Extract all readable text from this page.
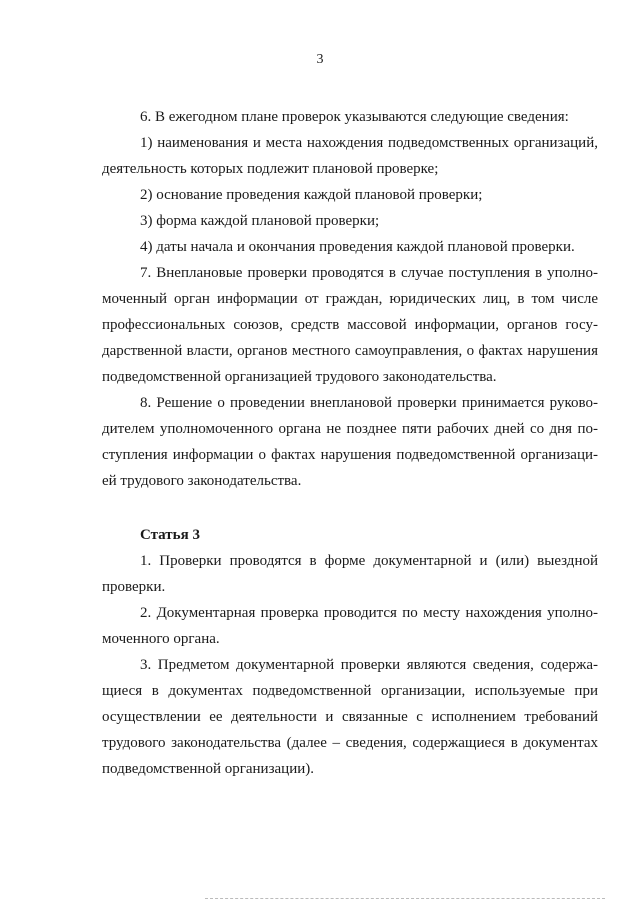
3
6. В ежегодном плане проверок указываются следующие сведения:
1) наименования и места нахождения подведомственных организаций,
деятельность которых подлежит плановой проверке;
2) основание проведения каждой плановой проверки;
3) форма каждой плановой проверки;
4) даты начала и окончания проведения каждой плановой проверки.
7. Внеплановые проверки проводятся в случае поступления в уполно-
моченный орган информации от граждан, юридических лиц, в том числе
профессиональных союзов, средств массовой информации, органов госу-
дарственной власти, органов местного самоуправления, о фактах нарушения
подведомственной организацией трудового законодательства.
8. Решение о проведении внеплановой проверки принимается руково-
дителем уполномоченного органа не позднее пяти рабочих дней со дня по-
ступления информации о фактах нарушения подведомственной организаци-
ей трудового законодательства.
Статья 3
1. Проверки проводятся в форме документарной и (или) выездной
проверки.
2. Документарная проверка проводится по месту нахождения уполно-
моченного органа.
3. Предметом документарной проверки являются сведения, содержа-
щиеся в документах подведомственной организации, используемые при
осуществлении ее деятельности и связанные с исполнением требований
трудового законодательства (далее – сведения, содержащиеся в документах
подведомственной организации).
